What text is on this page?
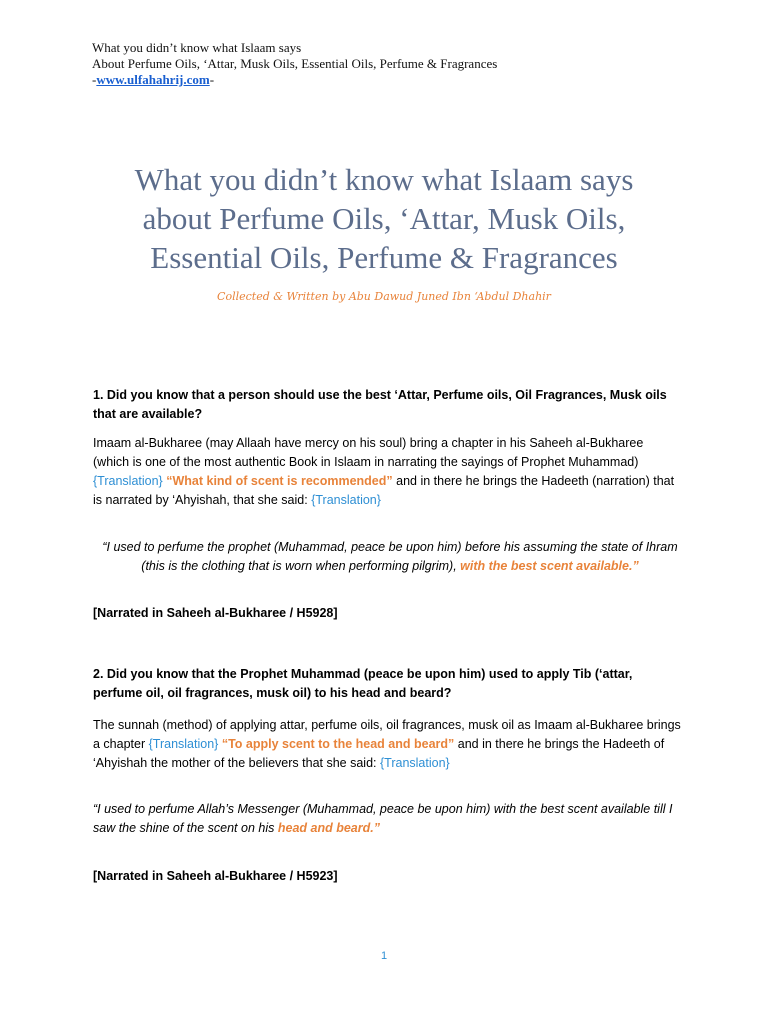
What you didn’t know what Islaam says
About Perfume Oils, ‘Attar, Musk Oils, Essential Oils, Perfume & Fragrances
-www.ulfahahrij.com-
What you didn’t know what Islaam says
about Perfume Oils, ‘Attar, Musk Oils,
Essential Oils, Perfume & Fragrances
Collected & Written by Abu Dawud Juned Ibn ‘Abdul Dhahir
1. Did you know that a person should use the best ‘Attar, Perfume oils, Oil Fragrances, Musk oils that are available?
Imaam al-Bukharee (may Allaah have mercy on his soul) bring a chapter in his Saheeh al-Bukharee (which is one of the most authentic Book in Islaam in narrating the sayings of Prophet Muhammad) {Translation} “What kind of scent is recommended” and in there he brings the Hadeeth (narration) that is narrated by ‘Ahyishah, that she said: {Translation}
“I used to perfume the prophet (Muhammad, peace be upon him) before his assuming the state of Ihram (this is the clothing that is worn when performing pilgrim), with the best scent available.”
[Narrated in Saheeh al-Bukharee / H5928]
2. Did you know that the Prophet Muhammad (peace be upon him) used to apply Tib (‘attar, perfume oil, oil fragrances, musk oil) to his head and beard?
The sunnah (method) of applying attar, perfume oils, oil fragrances, musk oil as Imaam al-Bukharee brings a chapter {Translation} “To apply scent to the head and beard” and in there he brings the Hadeeth of ‘Ahyishah the mother of the believers that she said: {Translation}
“I used to perfume Allah’s Messenger (Muhammad, peace be upon him) with the best scent available till I saw the shine of the scent on his head and beard.”
[Narrated in Saheeh al-Bukharee / H5923]
1
